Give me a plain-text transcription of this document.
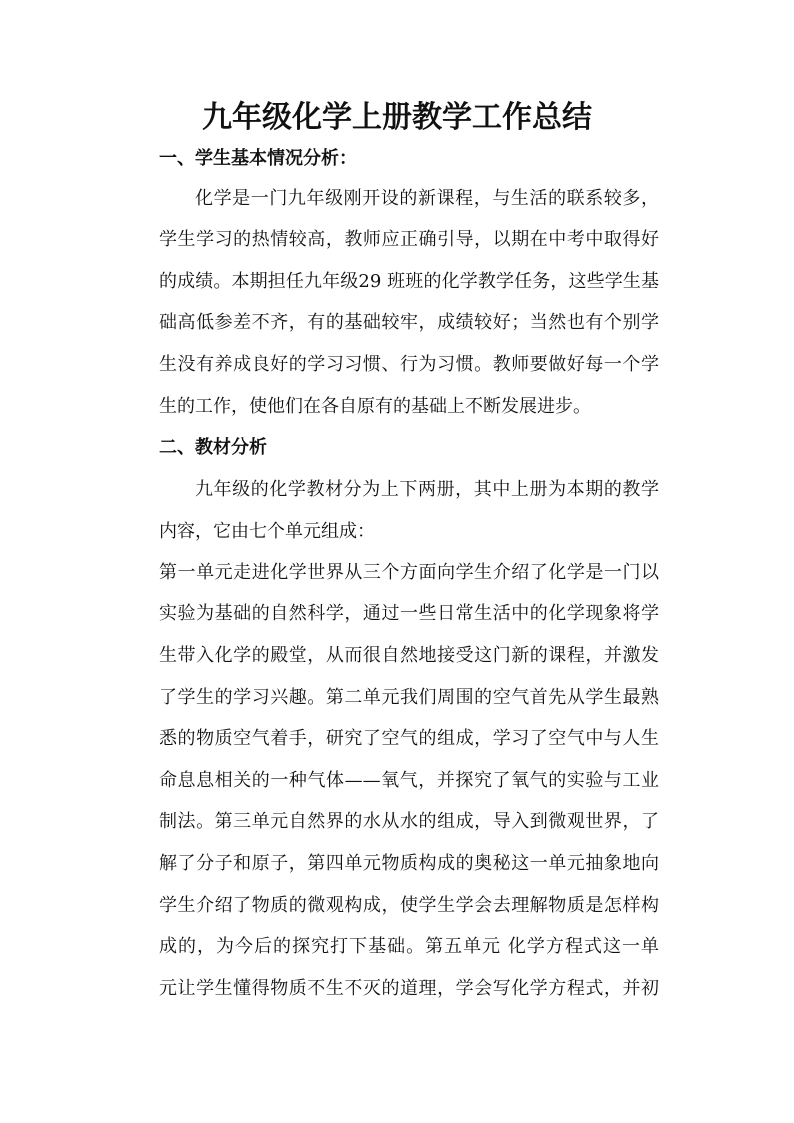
九年级化学上册教学工作总结

一、学生基本情况分析：

化学是一门九年级刚开设的新课程，与生活的联系较多，

学生学习的热情较高，教师应正确引导，以期在中考中取得好

的成绩。本期担任九年级29 班班的化学教学任务，这些学生基

础高低参差不齐，有的基础较牢，成绩较好；当然也有个别学

生没有养成良好的学习习惯、行为习惯。教师要做好每一个学

生的工作，使他们在各自原有的基础上不断发展进步。

二、教材分析

九年级的化学教材分为上下两册，其中上册为本期的教学

内容，它由七个单元组成：

第一单元走进化学世界从三个方面向学生介绍了化学是一门以

实验为基础的自然科学，通过一些日常生活中的化学现象将学

生带入化学的殿堂，从而很自然地接受这门新的课程，并激发

了学生的学习兴趣。第二单元我们周围的空气首先从学生最熟

悉的物质空气着手，研究了空气的组成，学习了空气中与人生

命息息相关的一种气体——氧气，并探究了氧气的实验与工业

制法。第三单元自然界的水从水的组成，导入到微观世界，了

解了分子和原子，第四单元物质构成的奥秘这一单元抽象地向

学生介绍了物质的微观构成，使学生学会去理解物质是怎样构

成的，为今后的探究打下基础。第五单元 化学方程式这一单

元让学生懂得物质不生不灭的道理，学会写化学方程式，并初
